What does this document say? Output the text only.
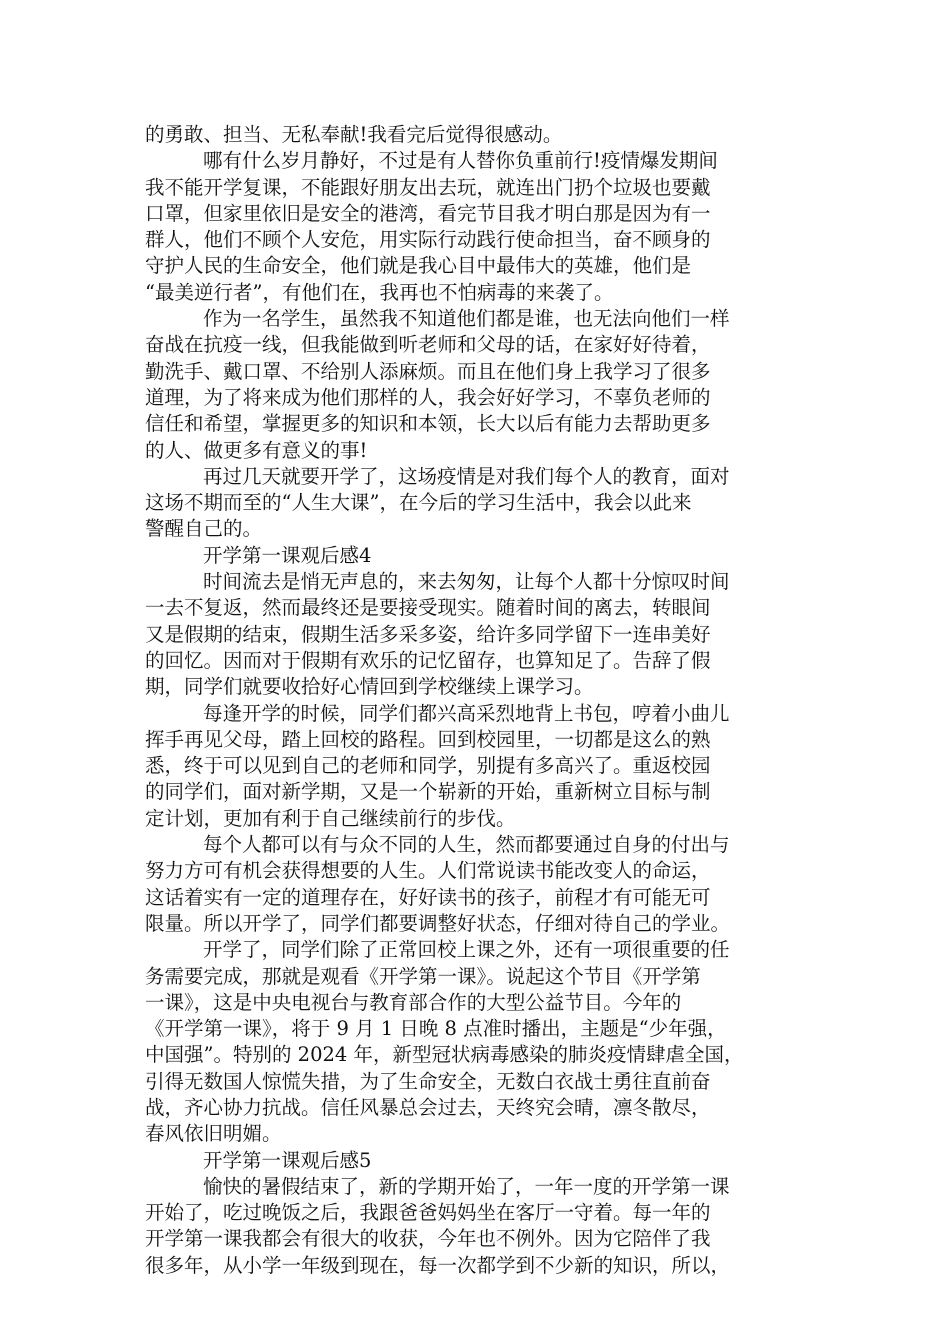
的勇敢、担当、无私奉献!我看完后觉得很感动。
哪有什么岁月静好，不过是有人替你负重前行!疫情爆发期间
我不能开学复课，不能跟好朋友出去玩，就连出门扔个垃圾也要戴
口罩，但家里依旧是安全的港湾，看完节目我才明白那是因为有一
群人，他们不顾个人安危，用实际行动践行使命担当，奋不顾身的
守护人民的生命安全，他们就是我心目中最伟大的英雄，他们是
“最美逆行者”，有他们在，我再也不怕病毒的来袭了。
作为一名学生，虽然我不知道他们都是谁，也无法向他们一样
奋战在抗疫一线，但我能做到听老师和父母的话，在家好好待着，
勤洗手、戴口罩、不给别人添麻烦。而且在他们身上我学习了很多
道理，为了将来成为他们那样的人，我会好好学习，不辜负老师的
信任和希望，掌握更多的知识和本领，长大以后有能力去帮助更多
的人、做更多有意义的事!
再过几天就要开学了，这场疫情是对我们每个人的教育，面对
这场不期而至的“人生大课”，在今后的学习生活中，我会以此来
警醒自己的。
开学第一课观后感4
时间流去是悄无声息的，来去匆匆，让每个人都十分惊叹时间
一去不复返，然而最终还是要接受现实。随着时间的离去，转眼间
又是假期的结束，假期生活多采多姿，给许多同学留下一连串美好
的回忆。因而对于假期有欢乐的记忆留存，也算知足了。告辞了假
期，同学们就要收拾好心情回到学校继续上课学习。
每逢开学的时候，同学们都兴高采烈地背上书包，哼着小曲儿
挥手再见父母，踏上回校的路程。回到校园里，一切都是这么的熟
悉，终于可以见到自己的老师和同学，别提有多高兴了。重返校园
的同学们，面对新学期，又是一个崭新的开始，重新树立目标与制
定计划，更加有利于自己继续前行的步伐。
每个人都可以有与众不同的人生，然而都要通过自身的付出与
努力方可有机会获得想要的人生。人们常说读书能改变人的命运，
这话着实有一定的道理存在，好好读书的孩子，前程才有可能无可
限量。所以开学了，同学们都要调整好状态，仔细对待自己的学业。
开学了，同学们除了正常回校上课之外，还有一项很重要的任
务需要完成，那就是观看《开学第一课》。说起这个节目《开学第
一课》，这是中央电视台与教育部合作的大型公益节目。今年的
《开学第一课》，将于 9 月 1 日晚 8 点准时播出，主题是“少年强，
中国强”。特别的 2024 年，新型冠状病毒感染的肺炎疫情肆虐全国，
引得无数国人惊慌失措，为了生命安全，无数白衣战士勇往直前奋
战，齐心协力抗战。信任风暴总会过去，天终究会晴，凛冬散尽，
春风依旧明媚。
开学第一课观后感5
愉快的暑假结束了，新的学期开始了，一年一度的开学第一课
开始了，吃过晚饭之后，我跟爸爸妈妈坐在客厅一守着。每一年的
开学第一课我都会有很大的收获，今年也不例外。因为它陪伴了我
很多年，从小学一年级到现在，每一次都学到不少新的知识，所以，
